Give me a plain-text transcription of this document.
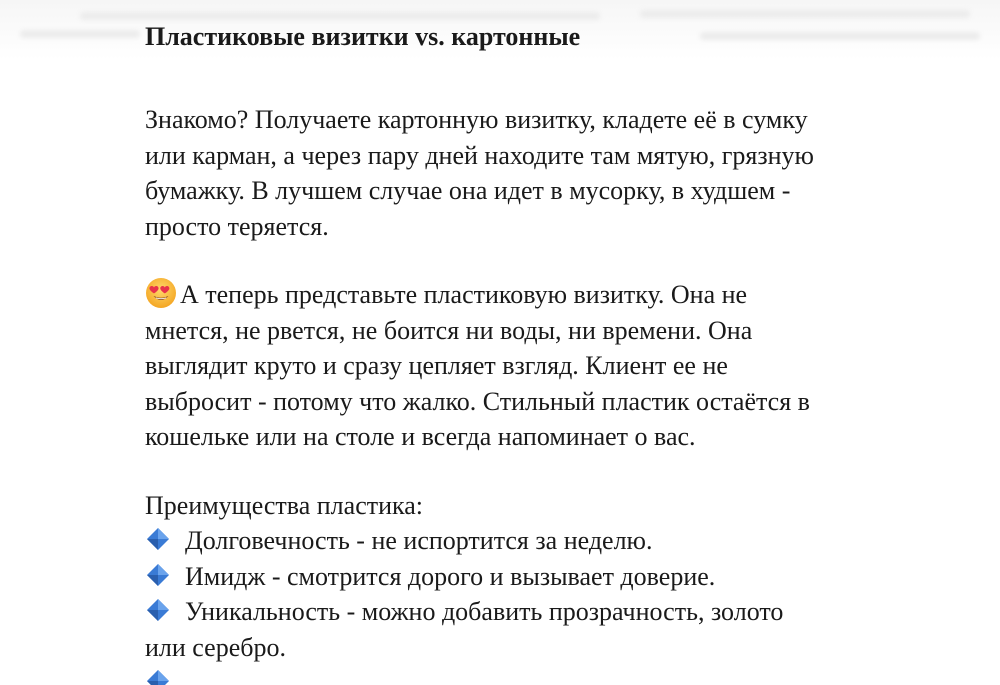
Пластиковые визитки vs. картонные
Знакомо? Получаете картонную визитку, кладете её в сумку
или карман, а через пару дней находите там мятую, грязную
бумажку. В лучшем случае она идет в мусорку, в худшем -
просто теряется.
А теперь представьте пластиковую визитку. Она не
мнется, не рвется, не боится ни воды, ни времени. Она
выглядит круто и сразу цепляет взгляд. Клиент ее не
выбросит - потому что жалко. Стильный пластик остаётся в
кошельке или на столе и всегда напоминает о вас.
Преимущества пластика:
Долговечность - не испортится за неделю.
Имидж - смотрится дорого и вызывает доверие.
Уникальность - можно добавить прозрачность, золото
или серебро.
